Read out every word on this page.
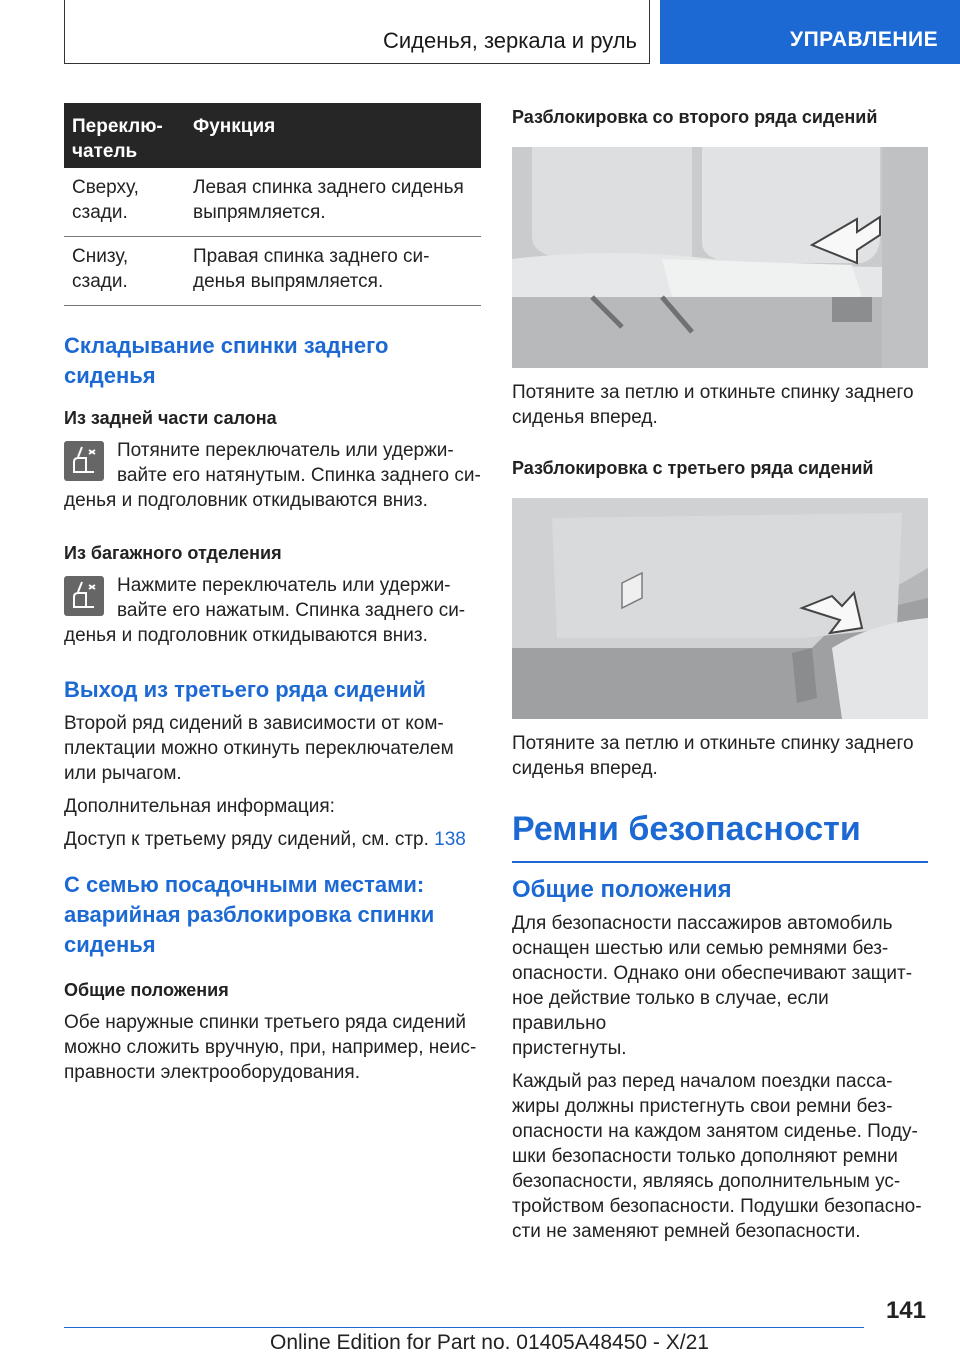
Сиденья, зеркала и руль	УПРАВЛЕНИЕ
Переклю-
чатель	Функция
Сверху,
сзади.	Левая спинка заднего сиденья
выпрямляется.
Снизу,
сзади.	Правая спинка заднего си-
денья выпрямляется.
Складывание спинки заднего
сиденья
Из задней части салона

Потяните переключатель или удержи-
вайте его натянутым. Спинка заднего си-
денья и подголовник откидываются вниз.

Из багажного отделения

Нажмите переключатель или удержи-
вайте его нажатым. Спинка заднего си-
денья и подголовник откидываются вниз.

Выход из третьего ряда сидений

Второй ряд сидений в зависимости от ком-
плектации можно откинуть переключателем
или рычагом.

Дополнительная информация:

Доступ к третьему ряду сидений, см. стр. 138

С семью посадочными местами:
аварийная разблокировка спинки
сиденья
Общие положения

Обе наружные спинки третьего ряда сидений
можно сложить вручную, при, например, неис-
правности электрооборудования.

Разблокировка со второго ряда сидений

Потяните за петлю и откиньте спинку заднего
сиденья вперед.

Разблокировка с третьего ряда сидений

Потяните за петлю и откиньте спинку заднего
сиденья вперед.

Ремни безопасности
Общие положения

Для безопасности пассажиров автомобиль
оснащен шестью или семью ремнями без-
опасности. Однако они обеспечивают защит-
ное действие только в случае, если правильно
пристегнуты.

Каждый раз перед началом поездки пасса-
жиры должны пристегнуть свои ремни без-
опасности на каждом занятом сиденье. Поду-
шки безопасности только дополняют ремни
безопасности, являясь дополнительным ус-
тройством безопасности. Подушки безопасно-
сти не заменяют ремней безопасности.

141
Online Edition for Part no. 01405A48450 - X/21
